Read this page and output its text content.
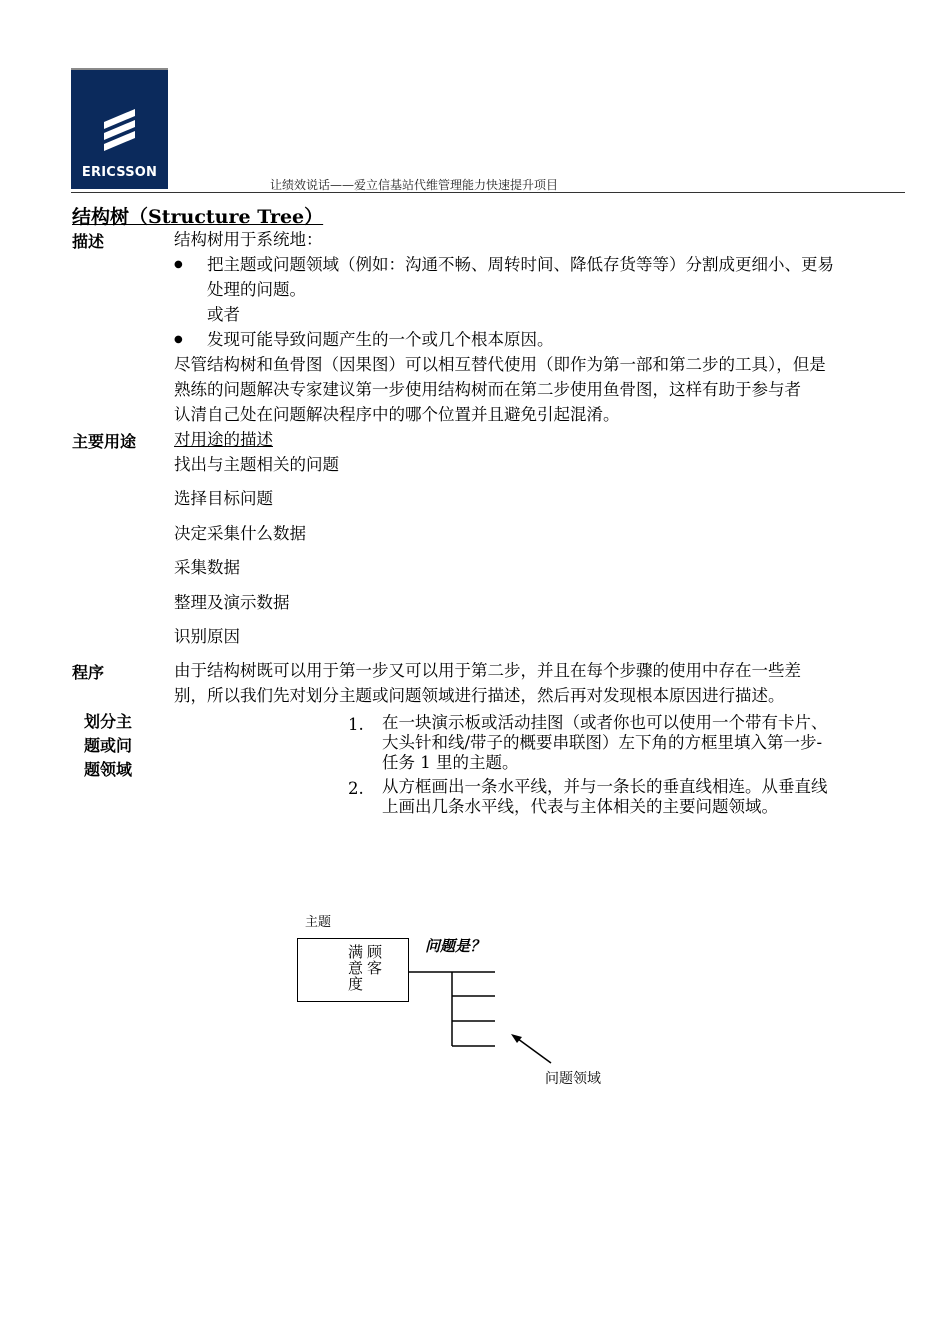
ERICSSON
让绩效说话——爱立信基站代维管理能力快速提升项目
结构树（Structure Tree）
描述	结构树用于系统地：
● 把主题或问题领域（例如：沟通不畅、周转时间、降低存货等等）分割成更细小、更易
处理的问题。
或者
● 发现可能导致问题产生的一个或几个根本原因。
尽管结构树和鱼骨图（因果图）可以相互替代使用（即作为第一部和第二步的工具），但是
熟练的问题解决专家建议第一步使用结构树而在第二步使用鱼骨图，这样有助于参与者
认清自己处在问题解决程序中的哪个位置并且避免引起混淆。
主要用途 对用途的描述
找出与主题相关的问题
选择目标问题
决定采集什么数据
采集数据
整理及演示数据
识别原因
程序	由于结构树既可以用于第一步又可以用于第二步，并且在每个步骤的使用中存在一些差
别，所以我们先对划分主题或问题领域进行描述，然后再对发现根本原因进行描述。
划分主
题或问
题领域
1. 在一块演示板或活动挂图（或者你也可以使用一个带有卡片、
大头针和线/带子的概要串联图）左下角的方框里填入第一步-
任务 1 里的主题。
2. 从方框画出一条水平线，并与一条长的垂直线相连。从垂直线
上画出几条水平线，代表与主体相关的主要问题领域。
主题
顾客
满意度	问题是？
问题领域
